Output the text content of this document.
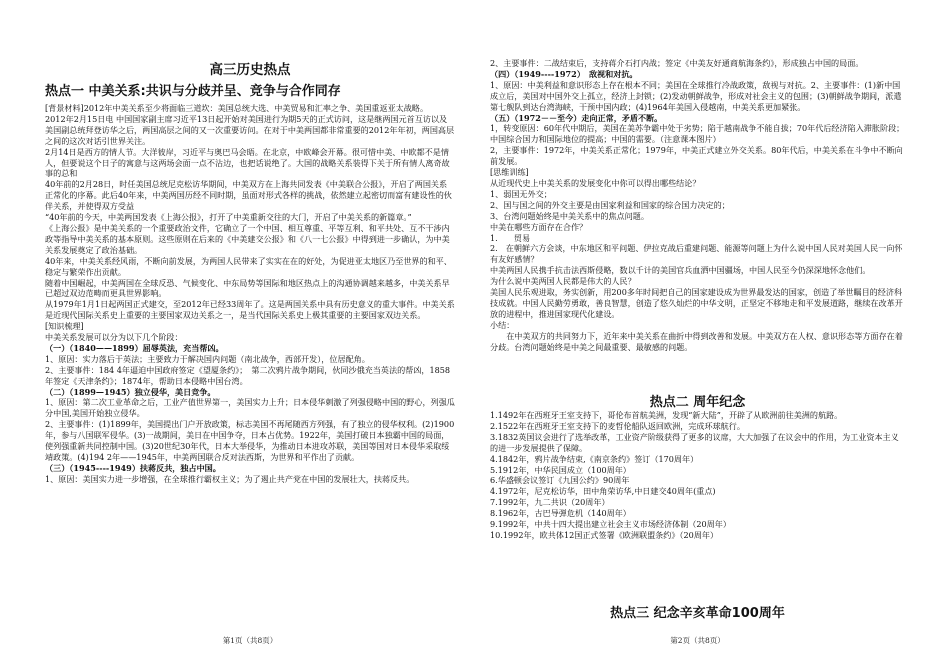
高三历史热点
热点一 中美关系:共识与分歧并呈、竞争与合作同存

[背景材料]2012年中美关系至少将面临三道坎：美国总统大选、中美贸易和汇率之争、美国重返亚太战略。

2012年2月15日电 中国国家副主席习近平13日起开始对美国进行为期5天的正式访问，这是继两国元首互访以及美国副总统拜登访华之后，两国高层之间的又一次重要访问。在对于中美两国都非常重要的2012年年初，两国高层之间的这次对话引世界关注。

2月14日是西方的情人节。大洋彼岸，习近平与奥巴马会晤。在北京，中欧峰会开幕。很可惜中美、中欧都不是情人，但要说这个日子的寓意与这两场会面一点不沾边，也把话说绝了。大国的战略关系装得下关于所有情人离奇故事的总和

40年前的2月28日，时任美国总统尼克松访华期间，中美双方在上海共同发表《中美联合公报》，开启了两国关系正常化的序幕。此后40年来，中美两国历经不同时期，虽面对形式各样的挑战，依然建立起密切而富有建设性的伙伴关系，并使得双方受益

“40年前的今天，中美两国发表《上海公报》，打开了中美重新交往的大门，开启了中美关系的新篇章。”

《上海公报》是中美关系的一个重要政治文件，它确立了一个中国、相互尊重、平等互利、和平共处、互不干涉内政等指导中美关系的基本原则。这些原则在后来的《中美建交公报》和《八一七公报》中得到进一步确认，为中美关系发展奠定了政治基础。

40年来，中美关系经风雨，不断向前发展，为两国人民带来了实实在在的好处，为促进亚太地区乃至世界的和平、稳定与繁荣作出贡献。

随着中国崛起，中美两国在全球反恐、气候变化、中东局势等国际和地区热点上的沟通协调越来越多，中美关系早已超过双边范畴而更具世界影响。

从1979年1月1日起两国正式建交，至2012年已经33周年了。这是两国关系中具有历史意义的重大事件。中美关系是近现代国际关系史上重要的主要国家双边关系之一，是当代国际关系史上极其重要的主要国家双边关系。

[知识梳理]

中美关系发展可以分为以下几个阶段：

（一）（1840——1899）屈辱英法，充当帮凶。

1、原因：实力落后于英法；主要致力于解决国内问题（南北战争，西部开发），位居配角。

2、主要事件：184 4年逼迫中国政府签定《望厦条约》；　第二次鸦片战争期间，伙同沙俄充当英法的帮凶，1858年签定《天津条约》；1874年，帮助日本侵略中国台湾。

（二）（1899—1945）独立侵华，美日竞争。

1、原因：第二次工业革命之后，工业产值世界第一，美国实力上升；日本侵华刺激了列强侵略中国的野心，列强瓜分中国,美国开始独立侵华。

2、主要事件：(1)1899年，美国提出门户开放政策，标志美国不再尾随西方列强，有了独立的侵华权利。(2)1900年，参与八国联军侵华。(3)一战期间，美日在中国争夺，日本占优势。1922年，美国打破日本独霸中国的局面，使列强重新共同控制中国。(3)20世纪30年代，日本大举侵华，为推动日本进攻苏联，美国等国对日本侵华采取绥靖政策。(4)194 2年——1945年，中美两国联合反对法西斯，为世界和平作出了贡献。

（三）（1945----1949）扶蒋反共，独占中国。

1、原因：美国实力进一步增强，在全球推行霸权主义；为了遏止共产党在中国的发展壮大，扶蒋反共。

第1页（共8页）

2、主要事件：二战结束后，支持蒋介石打内战；签定《中美友好通商航海条约》，形成独占中国的局面。

（四）（1949----1972）　敌视和对抗。

1、原因：中美利益和意识形态上存在根本不同；美国在全球推行冷战政策，敌视与对抗。2、主要事件：(1)新中国成立后，美国对中国外交上孤立，经济上封锁；(2)发动朝鲜战争，形成对社会主义的包围；(3)朝鲜战争期间，派遣第七舰队到达台湾海峡，干预中国内政；(4)1964年美国入侵越南，中美关系更加紧张。

（五）（1972－－至今）走向正常，矛盾不断。

1，转变原因：60年代中期后，美国在美苏争霸中处于劣势；陷于越南战争不能自拔；70年代后经济陷入滞胀阶段；中国综合国力和国际地位的提高；中国的需要。（注意课本图片）

2，主要事件：1972年，中美关系正常化；1979年，中美正式建立外交关系。80年代后，中美关系在斗争中不断向前发展。

[思维训练]

从近现代史上中美关系的发展变化中你可以得出哪些结论？

1、弱国无外交；

2、国与国之间的外交主要是由国家利益和国家的综合国力决定的；

3、台湾问题始终是中美关系中的焦点问题。

中美在哪些方面存在合作？

1.　　贸易

2.　在朝鲜六方会谈，中东地区和平问题、伊拉克战后重建问题、能源等问题上为什么说中国人民对美国人民一向怀有友好感情？

中美两国人民携手抗击法西斯侵略，数以千计的美国官兵血洒中国疆场，中国人民至今仍深深地怀念他们。

为什么说中美两国人民都是伟大的人民？

美国人民乐观进取，务实创新，用200多年时间把自己的国家建设成为世界最发达的国家，创造了举世瞩目的经济科技成就。中国人民勤劳勇敢，善良智慧，创造了悠久灿烂的中华文明，正坚定不移地走和平发展道路，继续在改革开放的进程中，推进国家现代化建设。

小结：

　　在中美双方的共同努力下，近年来中美关系在曲折中得到改善和发展。中美双方在人权、意识形态等方面存在着分歧。台湾问题始终是中美之间最重要、最敏感的问题。

热点二 周年纪念

1.1492年在西班牙王室支持下，哥伦布首航美洲，发现“新大陆”，开辟了从欧洲前往美洲的航路。

2.1522年在西班牙王室支持下的麦哲伦船队返回欧洲，完成环球航行。

3.1832英国议会进行了选举改革，工业资产阶级获得了更多的议席，大大加强了在议会中的作用，为工业资本主义的进一步发展提供了保障。

4.1842年，鸦片战争结束,《南京条约》签订（170周年）

5.1912年，中华民国成立（100周年）

6.华盛顿会议签订《九国公约》90周年

4.1972年，尼克松访华，田中角荣访华,中日建交40周年(重点)

7.1992年，九二共识（20周年）

8.1962年，古巴导弹危机（140周年）

9.1992年，中共十四大提出建立社会主义市场经济体制（20周年）

10.1992年，欧共体12国正式签署《欧洲联盟条约》（20周年）

热点三 纪念辛亥革命100周年
第2页（共8页）
